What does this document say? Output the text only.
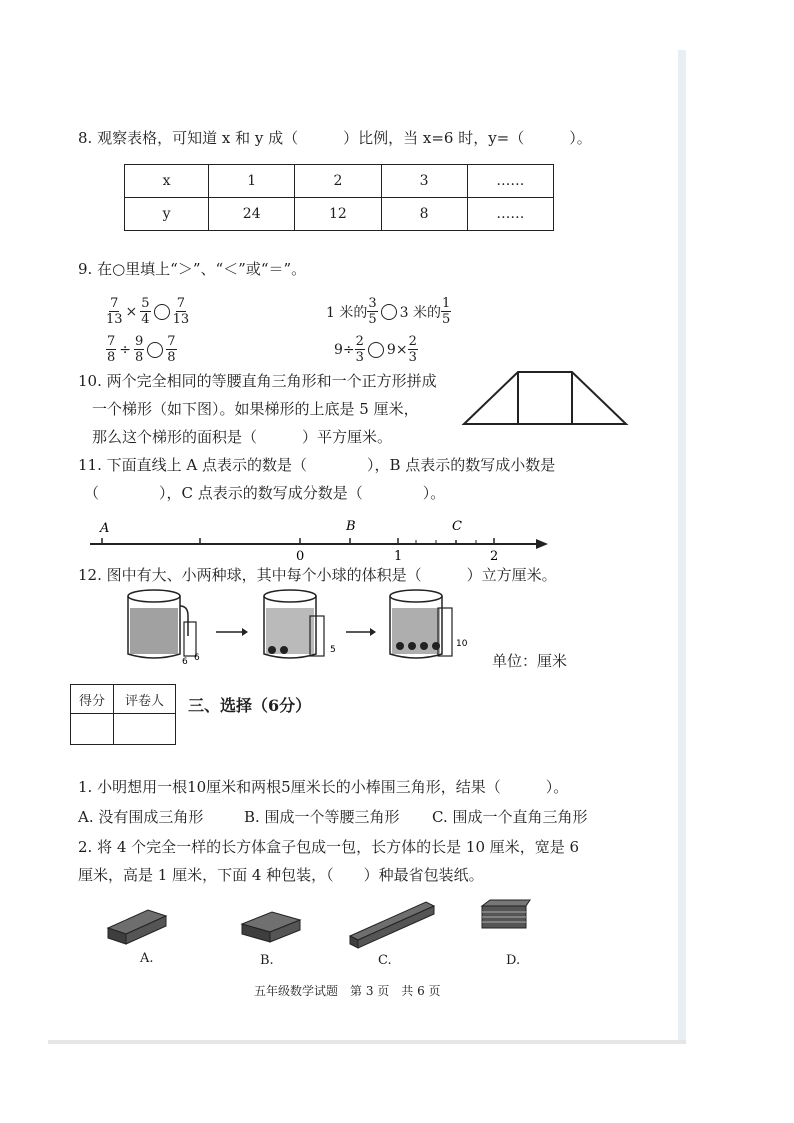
8. 观察表格，可知道 x 和 y 成（　　　）比例，当 x=6 时，y=（　　　）。
x	1	2	3	……
y	24	12	8	……
9. 在○里填上“＞”、“＜”或“＝”。
$\frac{7}{13} \times \frac{5}{4} \frac{7}{13}$
$\frac{7}{8} \div \frac{9}{8} \frac{7}{8}$
1 米的 $\frac{3}{5} 3$ 米的 $\frac{1}{5}$
$9\div \frac{2}{3} 9\times \frac{2}{3}$
10. 两个完全相同的等腰直角三角形和一个正方形拼成
一个梯形（如下图）。如果梯形的上底是 5 厘米，
那么这个梯形的面积是（　　　）平方厘米。
11. 下面直线上 A 点表示的数是（　　　　），B 点表示的数写成小数是
（　　　　），C 点表示的数写成分数是（　　　　）。
A	B	C
0	1	2
12. 图中有大、小两种球，其中每个小球的体积是（　　　）立方厘米。
6 6
5
10
单位：厘米
得分	评卷人
	三、选择（6分）
1. 小明想用一根10厘米和两根5厘米长的小棒围三角形，结果（　　　）。
A. 没有围成三角形	B. 围成一个等腰三角形 C. 围成一个直角三角形
2. 将 4 个完全一样的长方体盒子包成一包，长方体的长是 10 厘米，宽是 6
厘米，高是 1 厘米，下面 4 种包装，（　　）种最省包装纸。
A.	B.	C.	D.
五年级数学试题　第 3 页　共 6 页
